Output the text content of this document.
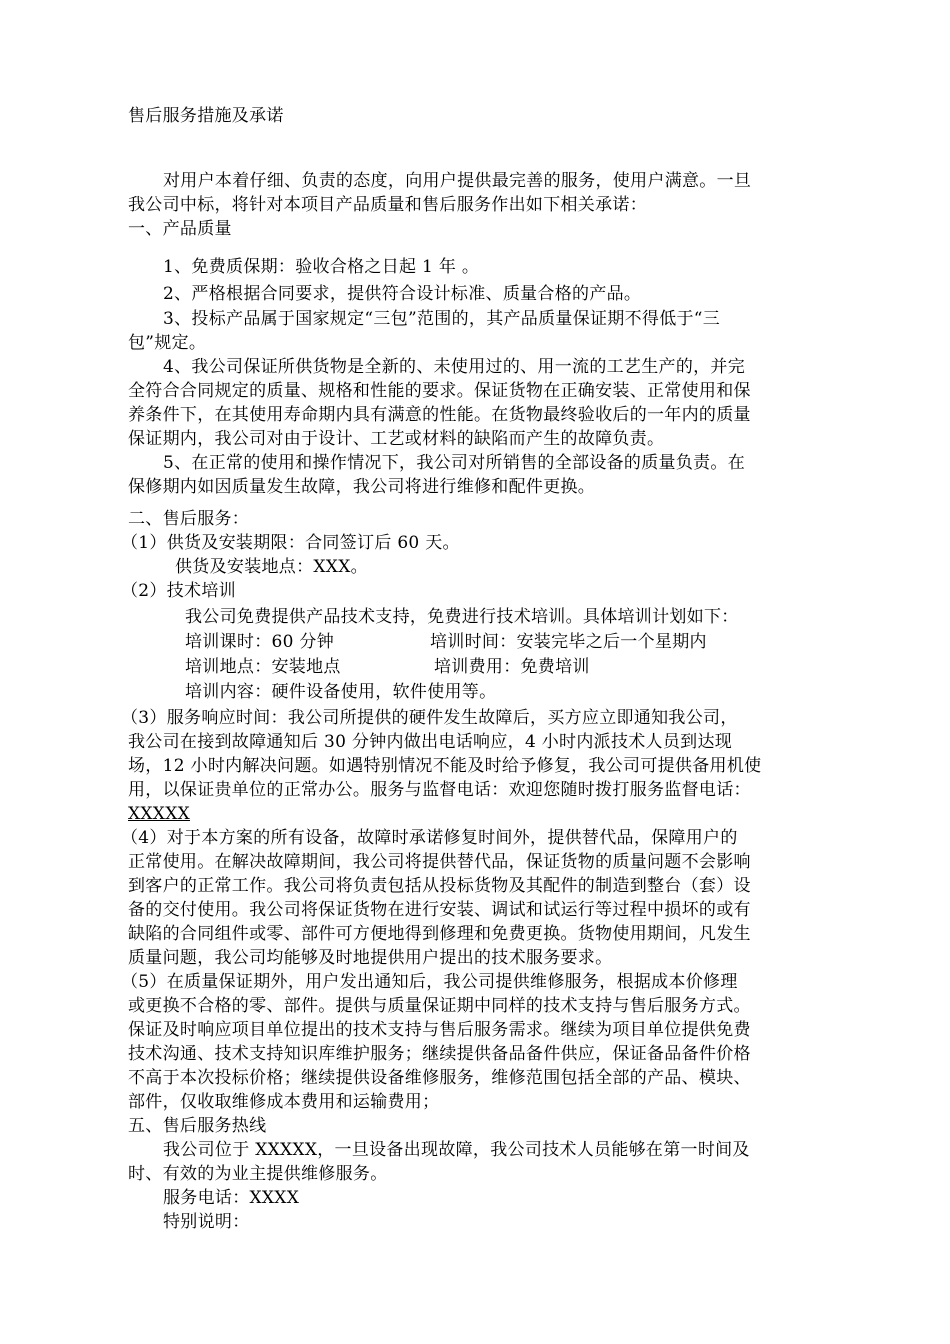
售后服务措施及承诺
对用户本着仔细、负责的态度，向用户提供最完善的服务，使用户满意。一旦
我公司中标，将针对本项目产品质量和售后服务作出如下相关承诺：
一、产品质量
1、免费质保期：验收合格之日起 1 年 。
2、严格根据合同要求，提供符合设计标准、质量合格的产品。
3、投标产品属于国家规定“三包”范围的，其产品质量保证期不得低于“三
包”规定。
4、我公司保证所供货物是全新的、未使用过的、用一流的工艺生产的，并完
全符合合同规定的质量、规格和性能的要求。保证货物在正确安装、正常使用和保
养条件下，在其使用寿命期内具有满意的性能。在货物最终验收后的一年内的质量
保证期内，我公司对由于设计、工艺或材料的缺陷而产生的故障负责。
5、在正常的使用和操作情况下，我公司对所销售的全部设备的质量负责。在
保修期内如因质量发生故障，我公司将进行维修和配件更换。
二、售后服务：
（1）供货及安装期限：合同签订后 60 天。
供货及安装地点：XXX。
（2）技术培训
我公司免费提供产品技术支持，免费进行技术培训。具体培训计划如下：
培训课时：60 分钟	培训时间：安装完毕之后一个星期内
培训地点：安装地点	培训费用：免费培训
培训内容：硬件设备使用，软件使用等。
（3）服务响应时间：我公司所提供的硬件发生故障后，买方应立即通知我公司，
我公司在接到故障通知后 30 分钟内做出电话响应，4 小时内派技术人员到达现
场，12 小时内解决问题。如遇特别情况不能及时给予修复，我公司可提供备用机使
用，以保证贵单位的正常办公。服务与监督电话：欢迎您随时拨打服务监督电话：
XXXXX
（4）对于本方案的所有设备，故障时承诺修复时间外，提供替代品，保障用户的
正常使用。在解决故障期间，我公司将提供替代品，保证货物的质量问题不会影响
到客户的正常工作。我公司将负责包括从投标货物及其配件的制造到整台（套）设
备的交付使用。我公司将保证货物在进行安装、调试和试运行等过程中损坏的或有
缺陷的合同组件或零、部件可方便地得到修理和免费更换。货物使用期间，凡发生
质量问题，我公司均能够及时地提供用户提出的技术服务要求。
（5）在质量保证期外，用户发出通知后，我公司提供维修服务，根据成本价修理
或更换不合格的零、部件。提供与质量保证期中同样的技术支持与售后服务方式。
保证及时响应项目单位提出的技术支持与售后服务需求。继续为项目单位提供免费
技术沟通、技术支持知识库维护服务；继续提供备品备件供应，保证备品备件价格
不高于本次投标价格；继续提供设备维修服务，维修范围包括全部的产品、模块、
部件，仅收取维修成本费用和运输费用；
五、售后服务热线
我公司位于 XXXXX，一旦设备出现故障，我公司技术人员能够在第一时间及
时、有效的为业主提供维修服务。
服务电话：XXXX
特别说明：
